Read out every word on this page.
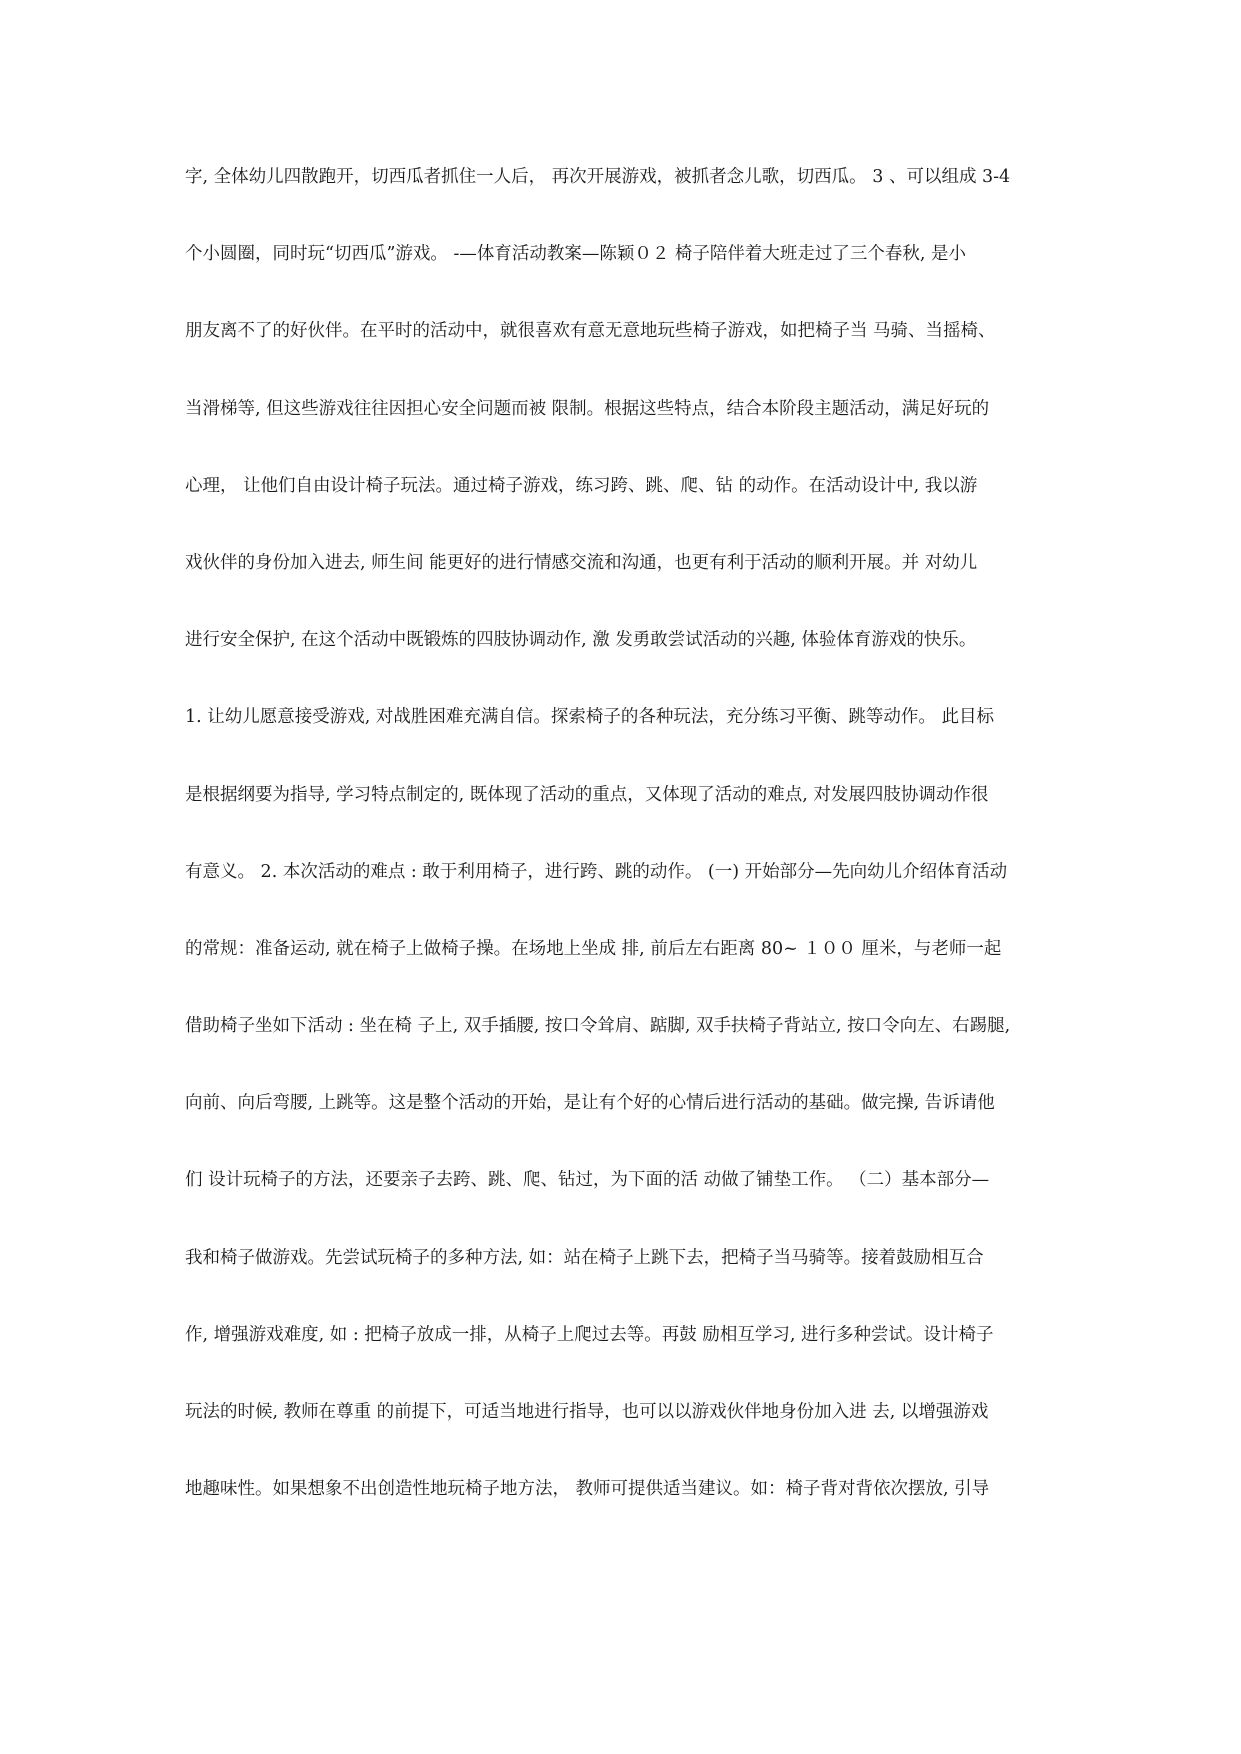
字, 全体幼儿四散跑开，切西瓜者抓住一人后， 再次开展游戏，被抓者念儿歌，切西瓜。 3 、可以组成 3-4
个小圆圈，同时玩“切西瓜”游戏。 -—体育活动教案—陈颖０２ 椅子陪伴着大班走过了三个春秋, 是小
朋友离不了的好伙伴。在平时的活动中，就很喜欢有意无意地玩些椅子游戏，如把椅子当 马骑、当摇椅、
当滑梯等, 但这些游戏往往因担心安全问题而被 限制。根据这些特点，结合本阶段主题活动，满足好玩的
心理， 让他们自由设计椅子玩法。通过椅子游戏，练习跨、跳、爬、钻 的动作。在活动设计中, 我以游
戏伙伴的身份加入进去, 师生间 能更好的进行情感交流和沟通，也更有利于活动的顺利开展。并 对幼儿
进行安全保护, 在这个活动中既锻炼的四肢协调动作, 激 发勇敢尝试活动的兴趣, 体验体育游戏的快乐。
1. 让幼儿愿意接受游戏, 对战胜困难充满自信。探索椅子的各种玩法，充分练习平衡、跳等动作。 此目标
是根据纲要为指导, 学习特点制定的, 既体现了活动的重点，又体现了活动的难点, 对发展四肢协调动作很
有意义。 2. 本次活动的难点 : 敢于利用椅子，进行跨、跳的动作。 (一) 开始部分—先向幼儿介绍体育活动
的常规：准备运动, 就在椅子上做椅子操。在场地上坐成 排, 前后左右距离 80~ １００ 厘米，与老师一起
借助椅子坐如下活动 : 坐在椅 子上, 双手插腰, 按口令耸肩、踮脚, 双手扶椅子背站立, 按口令向左、右踢腿,
向前、向后弯腰, 上跳等。这是整个活动的开始，是让有个好的心情后进行活动的基础。做完操, 告诉请他
们 设计玩椅子的方法，还要亲子去跨、跳、爬、钻过，为下面的活 动做了铺垫工作。 （二）基本部分—
我和椅子做游戏。先尝试玩椅子的多种方法, 如：站在椅子上跳下去，把椅子当马骑等。接着鼓励相互合
作, 增强游戏难度, 如 : 把椅子放成一排，从椅子上爬过去等。再鼓 励相互学习, 进行多种尝试。设计椅子
玩法的时候, 教师在尊重 的前提下，可适当地进行指导，也可以以游戏伙伴地身份加入进 去, 以增强游戏
地趣味性。如果想象不出创造性地玩椅子地方法， 教师可提供适当建议。如：椅子背对背依次摆放, 引导
